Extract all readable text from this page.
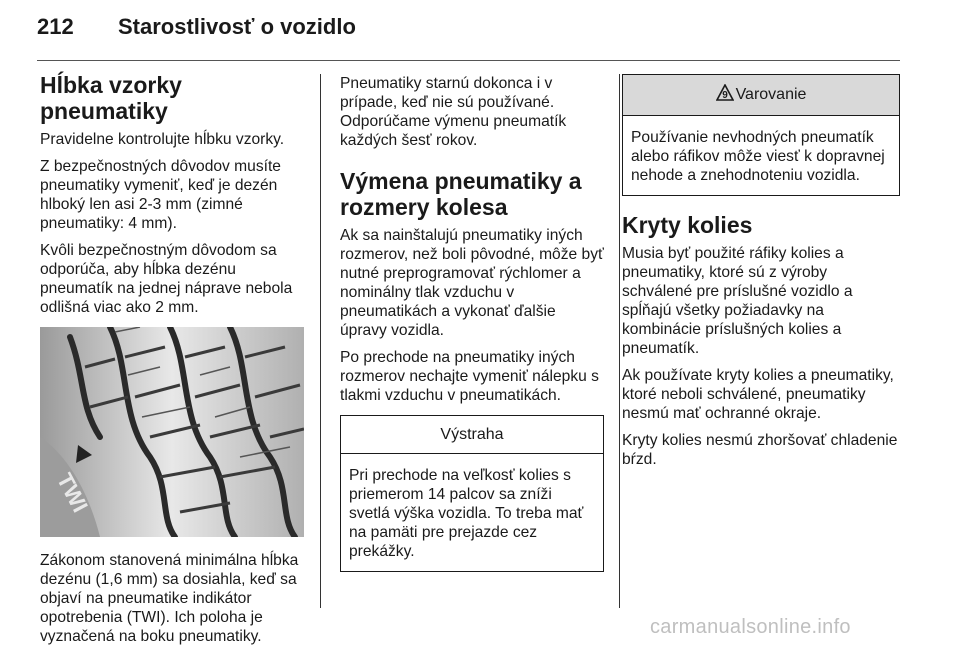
212 Starostlivosť o vozidlo
Hĺbka vzorky pneumatiky

Pravidelne kontrolujte hĺbku vzorky.

Z bezpečnostných dôvodov musíte pneumatiky vymeniť, keď je dezén hlboký len asi 2-3 mm (zimné pneumatiky: 4 mm).

Kvôli bezpečnostným dôvodom sa odporúča, aby hĺbka dezénu pneumatík na jednej náprave nebola odlišná viac ako 2 mm.

TWI

Zákonom stanovená minimálna hĺbka dezénu (1,6 mm) sa dosiahla, keď sa objaví na pneumatike indikátor opotrebenia (TWI). Ich poloha je vyznačená na boku pneumatiky.

Pneumatiky starnú dokonca i v prípade, keď nie sú používané. Odporúčame výmenu pneumatík každých šesť rokov.

Výmena pneumatiky a rozmery kolesa

Ak sa nainštalujú pneumatiky iných rozmerov, než boli pôvodné, môže byť nutné preprogramovať rýchlomer a nominálny tlak vzduchu v pneumatikách a vykonať ďalšie úpravy vozidla.

Po prechode na pneumatiky iných rozmerov nechajte vymeniť nálepku s tlakmi vzduchu v pneumatikách.

Výstraha
Pri prechode na veľkosť kolies s priemerom 14 palcov sa zníži svetlá výška vozidla. To treba mať na pamäti pre prejazde cez prekážky.
9 Varovanie
Používanie nevhodných pneumatík alebo ráfikov môže viesť k dopravnej nehode a znehodnoteniu vozidla.
Kryty kolies

Musia byť použité ráfiky kolies a pneumatiky, ktoré sú z výroby schválené pre príslušné vozidlo a spĺňajú všetky požiadavky na kombinácie príslušných kolies a pneumatík.

Ak používate kryty kolies a pneumatiky, ktoré neboli schválené, pneumatiky nesmú mať ochranné okraje.

Kryty kolies nesmú zhoršovať chladenie bŕzd.

carmanualsonline.info
